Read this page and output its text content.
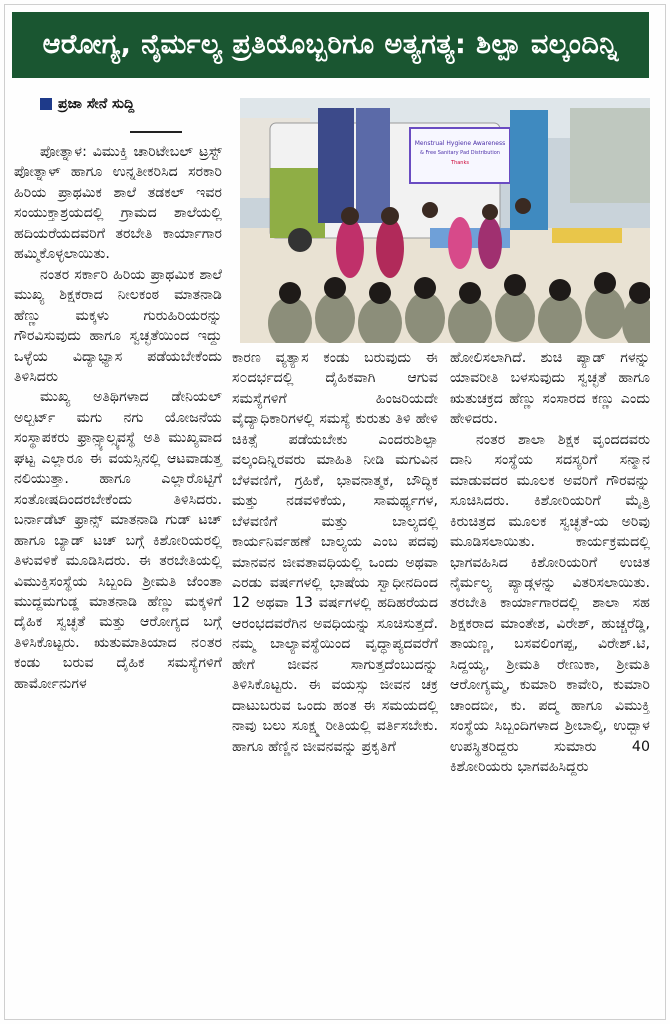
ಆರೋಗ್ಯ, ನೈರ್ಮಲ್ಯ ಪ್ರತಿಯೊಬ್ಬರಿಗೂ ಅತ್ಯಗತ್ಯ: ಶಿಲ್ಪಾ ವಲ್ಕಂದಿನ್ನಿ
ಪ್ರಜಾ ಸೇನೆ ಸುದ್ದಿ
Menstrual Hygiene Awareness
& Free Sanitary Pad Distribution
Thanks

ಪೋತ್ನಾಳ: ವಿಮುಕ್ತಿ ಚಾರಿಟೇಬಲ್ ಟ್ರಸ್ಟ್ ಪೋತ್ನಾಳ್ ಹಾಗೂ ಉನ್ನತೀಕರಿಸಿದ ಸರಕಾರಿ ಹಿರಿಯ ಪ್ರಾಥಮಿಕ ಶಾಲೆ ತಡಕಲ್ ಇವರ ಸಂಯುಕ್ತಾಶ್ರಯದಲ್ಲಿ ಗ್ರಾಮದ ಶಾಲೆಯಲ್ಲಿ ಹದಿಯರೆಯದವರಿಗೆ ತರಬೇತಿ ಕಾರ್ಯಾಗಾರ ಹಮ್ಮಿಕೊಳ್ಳಲಾಯಿತು.

ನಂತರ ಸರ್ಕಾರಿ ಹಿರಿಯ ಪ್ರಾಥಮಿಕ ಶಾಲೆ ಮುಖ್ಯ ಶಿಕ್ಷಕರಾದ ನೀಲಕಂಠ ಮಾತನಾಡಿ ಹೆಣ್ಣು ಮಕ್ಕಳು ಗುರುಹಿರಿಯರನ್ನು ಗೌರವಿಸುವುದು ಹಾಗೂ ಸ್ವಚ್ಛತೆಯಿಂದ ಇದ್ದು ಒಳ್ಳೆಯ ವಿದ್ಯಾಭ್ಯಾಸ ಪಡೆಯಬೇಕೆಂದು ತಿಳಿಸಿದರು

ಮುಖ್ಯ ಅತಿಥಿಗಳಾದ ಡೇನಿಯಲ್ ಅಲ್ಬರ್ಟ್ ಮಗು ನಗು ಯೋಜನೆಯ ಸಂಸ್ಥಾಪಕರು ಫ್ರಾನ್ಸ್ಯಾಲ್ಸ್ಯವಸ್ಥೆ ಅತಿ ಮುಖ್ಯವಾದ ಘಟ್ಟ ಎಲ್ಲಾರೂ ಈ ವಯಸ್ಸಿನಲ್ಲಿ ಆಟವಾಡುತ್ತ ನಲಿಯುತ್ತಾ. ಹಾಗೂ ಎಲ್ಲಾರೊಟ್ಟಿಗೆ ಸಂತೋಷದಿಂದರಬೇಕೆಂದು ತಿಳಿಸಿದರು. ಬರ್ನಾಡೆಟ್ ಫ್ರಾನ್ಸ್ ಮಾತನಾಡಿ ಗುಡ್ ಟಚ್ ಹಾಗೂ ಬ್ಯಾಡ್ ಟಚ್ ಬಗ್ಗೆ ಕಿಶೋರಿಯರಲ್ಲಿ ತಿಳುವಳಿಕೆ ಮೂಡಿಸಿದರು. ಈ ತರಬೇತಿಯಲ್ಲಿ ವಿಮುಕ್ತಿಸಂಸ್ಥೆಯ ಸಿಬ್ಬಂದಿ ಶ್ರೀಮತಿ ಜೆಂಂತಾ ಮುದ್ದಮಗುಡ್ಡ ಮಾತನಾಡಿ ಹೆಣ್ಣು ಮಕ್ಕಳಿಗೆ ದೈಹಿಕ ಸ್ವಚ್ಛತೆ ಮತ್ತು ಆರೋಗ್ಯದ ಬಗ್ಗೆ ತಿಳಿಸಿಕೊಟ್ಟರು. ಋತುಮಾತಿಯಾದ ನ೦ತರ ಕಂಡು ಬರುವ ದೈಹಿಕ ಸಮಸ್ಯೆಗಳಿಗೆ ಹಾರ್ಮೋನುಗಳ

ಕಾರಣ ವ್ಯತ್ಯಾಸ ಕಂಡು ಬರುವುದು ಈ ಸ೦ದರ್ಭದಲ್ಲಿ ದೈಹಿಕವಾಗಿ ಆಗುವ ಸಮಸ್ಯೆಗಳಿಗೆ ಹಿಂಜರಿಯದೇ ವೈದ್ಯಾಧಿಕಾರಿಗಳಲ್ಲಿ ಸಮಸ್ಯೆ ಕುರುತು ತಿಳಿ ಹೇಳಿ ಚಿಕಿತ್ಸೆ ಪಡೆಯಬೇಕು ಎಂದರುಶಿಲ್ಪಾ ವಲ್ಕಂದಿನ್ನಿರವರು ಮಾಹಿತಿ ನೀಡಿ ಮಗುವಿನ ಬೆಳವಣಿಗೆ, ಗ್ರಹಿಕೆ, ಭಾವನಾತ್ಮಕ, ಬೌದ್ಧಿಕ ಮತ್ತು ನಡವಳಿಕೆಯ, ಸಾಮರ್ಥ್ಯಗಳ, ಬೆಳವಣಿಗೆ ಮತ್ತು ಬಾಲ್ಯದಲ್ಲಿ ಕಾರ್ಯನಿರ್ವಹಣೆ ಬಾಲ್ಯಯ ಎಂಬ ಪದವು ಮಾನವನ ಜೀವತಾವಧಿಯಲ್ಲಿ ಒಂದು ಅಥವಾ ಎರಡು ವರ್ಷಗಳಲ್ಲಿ ಭಾಷೆಯ ಸ್ವಾಧೀನದಿಂದ 12 ಅಥವಾ 13 ವರ್ಷಗಳಲ್ಲಿ ಹದಿಹರೆಯದ ಆರಂಭದವರೆಗಿನ ಅವಧಿಯನ್ನು ಸೂಚಿಸುತ್ತದೆ. ನಮ್ಮ ಬಾಲ್ಯಾವಸ್ಥೆಯಿಂದ ವೃದ್ಧಾಪ್ಯದವರೆಗೆ ಹೇಗೆ ಜೀವನ ಸಾಗುತ್ತದೆಂಬುದನ್ನು ತಿಳಿಸಿಕೊಟ್ಟರು. ಈ ವಯಸ್ಸು ಜೀವನ ಚಕ್ರ ದಾಟುಬರುವ ಒಂದು ಹಂತ ಈ ಸಮಯದಲ್ಲಿ ನಾವು ಬಲು ಸೂಕ್ಷ್ಮ ರೀತಿಯಲ್ಲಿ ವರ್ತಿಸಬೇಕು. ಹಾಗೂ ಹೆಣ್ಣಿನ ಜೀವನವನ್ನು ಪ್ರಕೃತಿಗೆ

ಹೋಲಿಸಲಾಗಿದೆ. ಶುಚಿ ಪ್ಯಾಡ್ ಗಳನ್ನು ಯಾವರೀತಿ ಬಳಸುವುದು ಸ್ವಚ್ಛತೆ ಹಾಗೂ ಋತುಚಕ್ರದ ಹೆಣ್ಣು ಸಂಸಾರದ ಕಣ್ಣು ಎಂದು ಹೇಳಿದರು.

ನಂತರ ಶಾಲಾ ಶಿಕ್ಷಕ ವೃಂದದವರು ದಾನಿ ಸಂಸ್ಥೆಯ ಸದಸ್ಯರಿಗೆ ಸನ್ಮಾನ ಮಾಡುವದರ ಮೂಲಕ ಅವರಿಗೆ ಗೌರವನ್ನು ಸೂಚಿಸಿದರು. ಕಿಶೋರಿಯರಿಗೆ ಮೈತ್ರಿ ಕಿರುಚಿತ್ರದ ಮೂಲಕ ಸ್ವಚ್ಛತೆ-ಯ ಅರಿವು ಮೂಡಿಸಲಾಯಿತು. ಕಾರ್ಯಕ್ರಮದಲ್ಲಿ ಭಾಗವಹಿಸಿದ ಕಿಶೋರಿಯರಿಗೆ ಉಚಿತ ನೈರ್ಮಲ್ಯ ಪ್ಯಾಡ್ಗಳನ್ನು ವಿತರಿಸಲಾಯಿತು. ತರಬೇತಿ ಕಾರ್ಯಾಗಾರದಲ್ಲಿ ಶಾಲಾ ಸಹ ಶಿಕ್ಷಕರಾದ ಮಾಂತೇಶ, ವಿರೇಶ್, ಹುಚ್ಚರೆಡ್ಡಿ, ತಾಯಣ್ಣ, ಬಸವಲಿಂಗಪ್ಪ, ವಿರೇಶ್.ಟಿ, ಸಿದ್ದಯ್ಯ, ಶ್ರೀಮತಿ ರೇಣುಕಾ, ಶ್ರೀಮತಿ ಆರೋಗ್ಯಮ್ಮ, ಕುಮಾರಿ ಕಾವೇರಿ, ಕುಮಾರಿ ಚಾಂದಬೀ, ಕು. ಪದ್ಮ ಹಾಗೂ ವಿಮುಕ್ತಿ ಸಂಸ್ಥೆಯ ಸಿಬ್ಬಂದಿಗಳಾದ ಶ್ರೀಬಾಲ್ಕಿ, ಉದ್ಬಾಳ ಉಪಸ್ಥಿತರಿದ್ದರು ಸುಮಾರು 40 ಕಿಶೋರಿಯರು ಭಾಗವಹಿಸಿದ್ದರು
